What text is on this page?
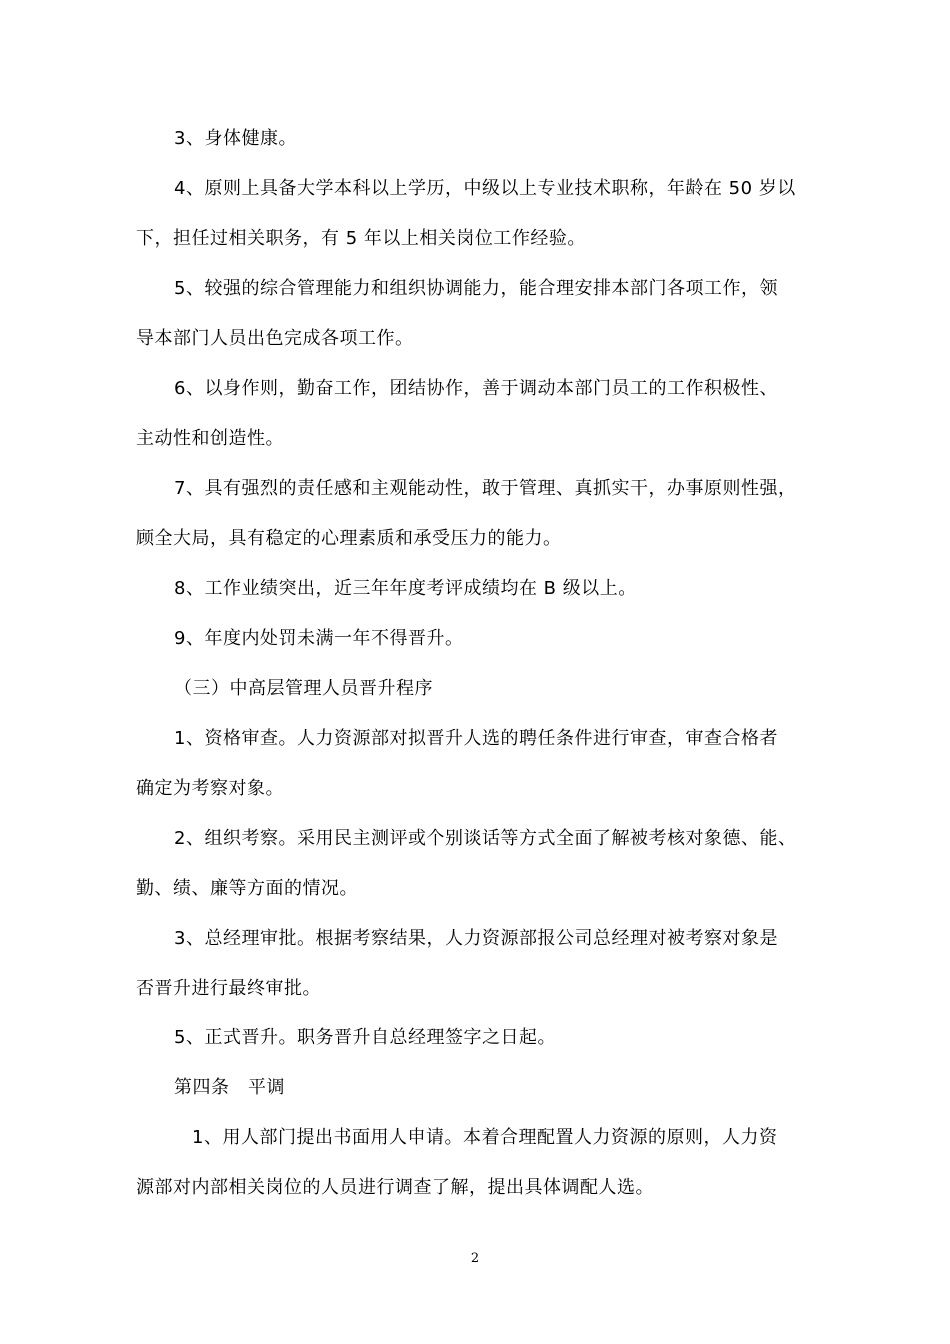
3、身体健康。
4、原则上具备大学本科以上学历，中级以上专业技术职称，年龄在 50 岁以
下，担任过相关职务，有 5 年以上相关岗位工作经验。
5、较强的综合管理能力和组织协调能力，能合理安排本部门各项工作，领
导本部门人员出色完成各项工作。
6、以身作则，勤奋工作，团结协作，善于调动本部门员工的工作积极性、
主动性和创造性。
7、具有强烈的责任感和主观能动性，敢于管理、真抓实干，办事原则性强，
顾全大局，具有稳定的心理素质和承受压力的能力。
8、工作业绩突出，近三年年度考评成绩均在 B 级以上。
9、年度内处罚未满一年不得晋升。
（三）中高层管理人员晋升程序
1、资格审查。人力资源部对拟晋升人选的聘任条件进行审查，审查合格者
确定为考察对象。
2、组织考察。采用民主测评或个别谈话等方式全面了解被考核对象德、能、
勤、绩、廉等方面的情况。
3、总经理审批。根据考察结果，人力资源部报公司总经理对被考察对象是
否晋升进行最终审批。
5、正式晋升。职务晋升自总经理签字之日起。
第四条　平调
1、用人部门提出书面用人申请。本着合理配置人力资源的原则，人力资
源部对内部相关岗位的人员进行调查了解，提出具体调配人选。
2
